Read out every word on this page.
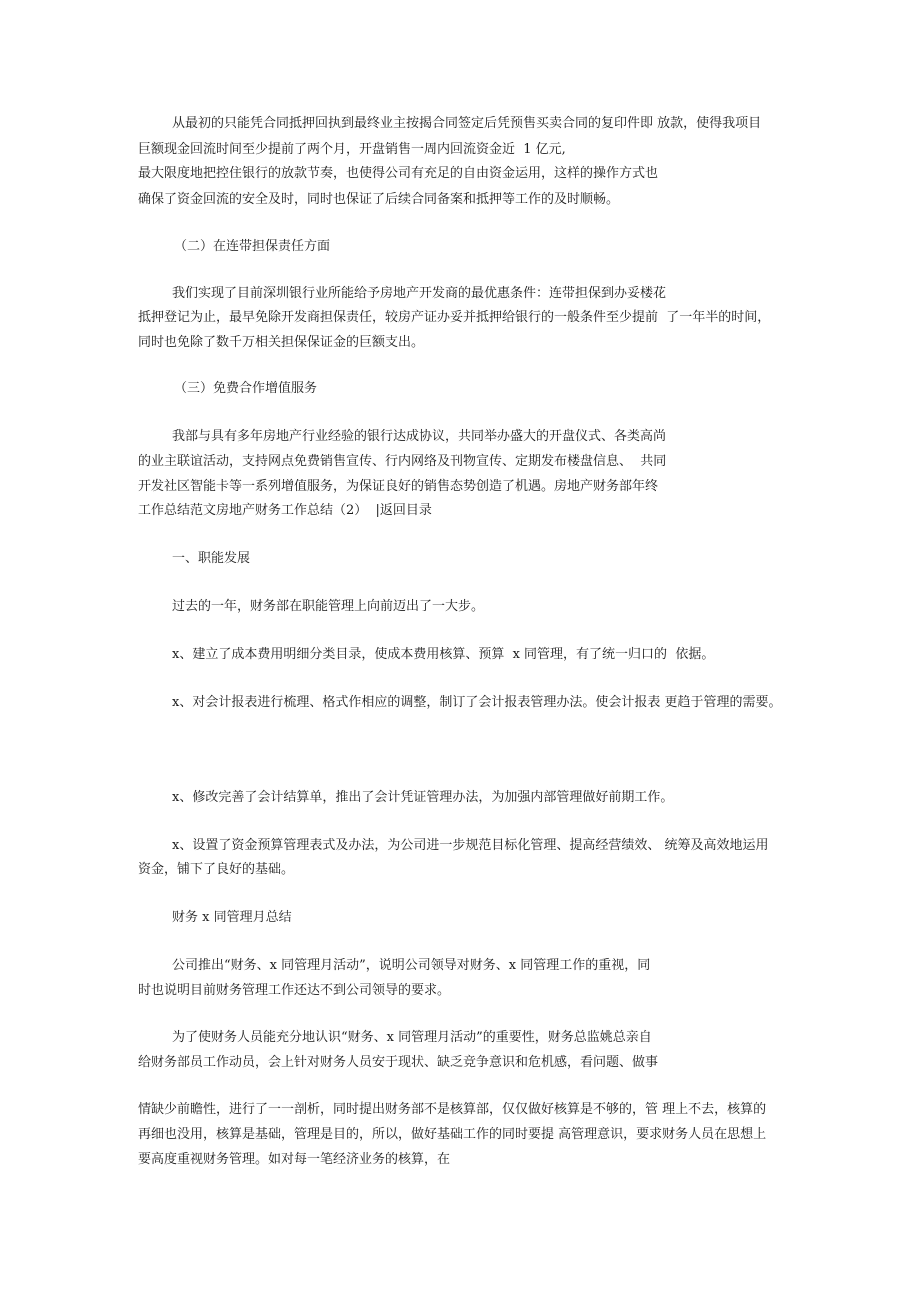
从最初的只能凭合同抵押回执到最终业主按揭合同签定后凭预售买卖合同的复印件即 放款，使得我项目
巨额现金回流时间至少提前了两个月，开盘销售一周内回流资金近  1 亿元,
最大限度地把控住银行的放款节奏，也使得公司有充足的自由资金运用，这样的操作方式也
确保了资金回流的安全及时，同时也保证了后续合同备案和抵押等工作的及时顺畅。
（二）在连带担保责任方面
我们实现了目前深圳银行业所能给予房地产开发商的最优惠条件：连带担保到办妥楼花
抵押登记为止，最早免除开发商担保责任，较房产证办妥并抵押给银行的一般条件至少提前  了一年半的时间，
同时也免除了数千万相关担保保证金的巨额支出。
（三）免费合作增值服务
我部与具有多年房地产行业经验的银行达成协议，共同举办盛大的开盘仪式、各类高尚
的业主联谊活动，支持网点免费销售宣传、行内网络及刊物宣传、定期发布楼盘信息、  共同
开发社区智能卡等一系列增值服务，为保证良好的销售态势创造了机遇。房地产财务部年终
工作总结范文房地产财务工作总结（2）  |返回目录
一、职能发展
过去的一年，财务部在职能管理上向前迈出了一大步。
x、建立了成本费用明细分类目录，使成本费用核算、预算  x 同管理，有了统一归口的  依据。
x、对会计报表进行梳理、格式作相应的调整，制订了会计报表管理办法。使会计报表 更趋于管理的需要。
x、修改完善了会计结算单，推出了会计凭证管理办法，为加强内部管理做好前期工作。
x、设置了资金预算管理表式及办法，为公司进一步规范目标化管理、提高经营绩效、 统筹及高效地运用
资金，铺下了良好的基础。
财务 x 同管理月总结
公司推出“财务、x 同管理月活动”，说明公司领导对财务、x 同管理工作的重视，同
时也说明目前财务管理工作还达不到公司领导的要求。
为了使财务人员能充分地认识“财务、x 同管理月活动”的重要性，财务总监姚总亲自
给财务部员工作动员，会上针对财务人员安于现状、缺乏竞争意识和危机感，看问题、做事
情缺少前瞻性，进行了一一剖析，同时提出财务部不是核算部，仅仅做好核算是不够的，管 理上不去，核算的
再细也没用，核算是基础，管理是目的，所以，做好基础工作的同时要提 高管理意识，要求财务人员在思想上
要高度重视财务管理。如对每一笔经济业务的核算，在
